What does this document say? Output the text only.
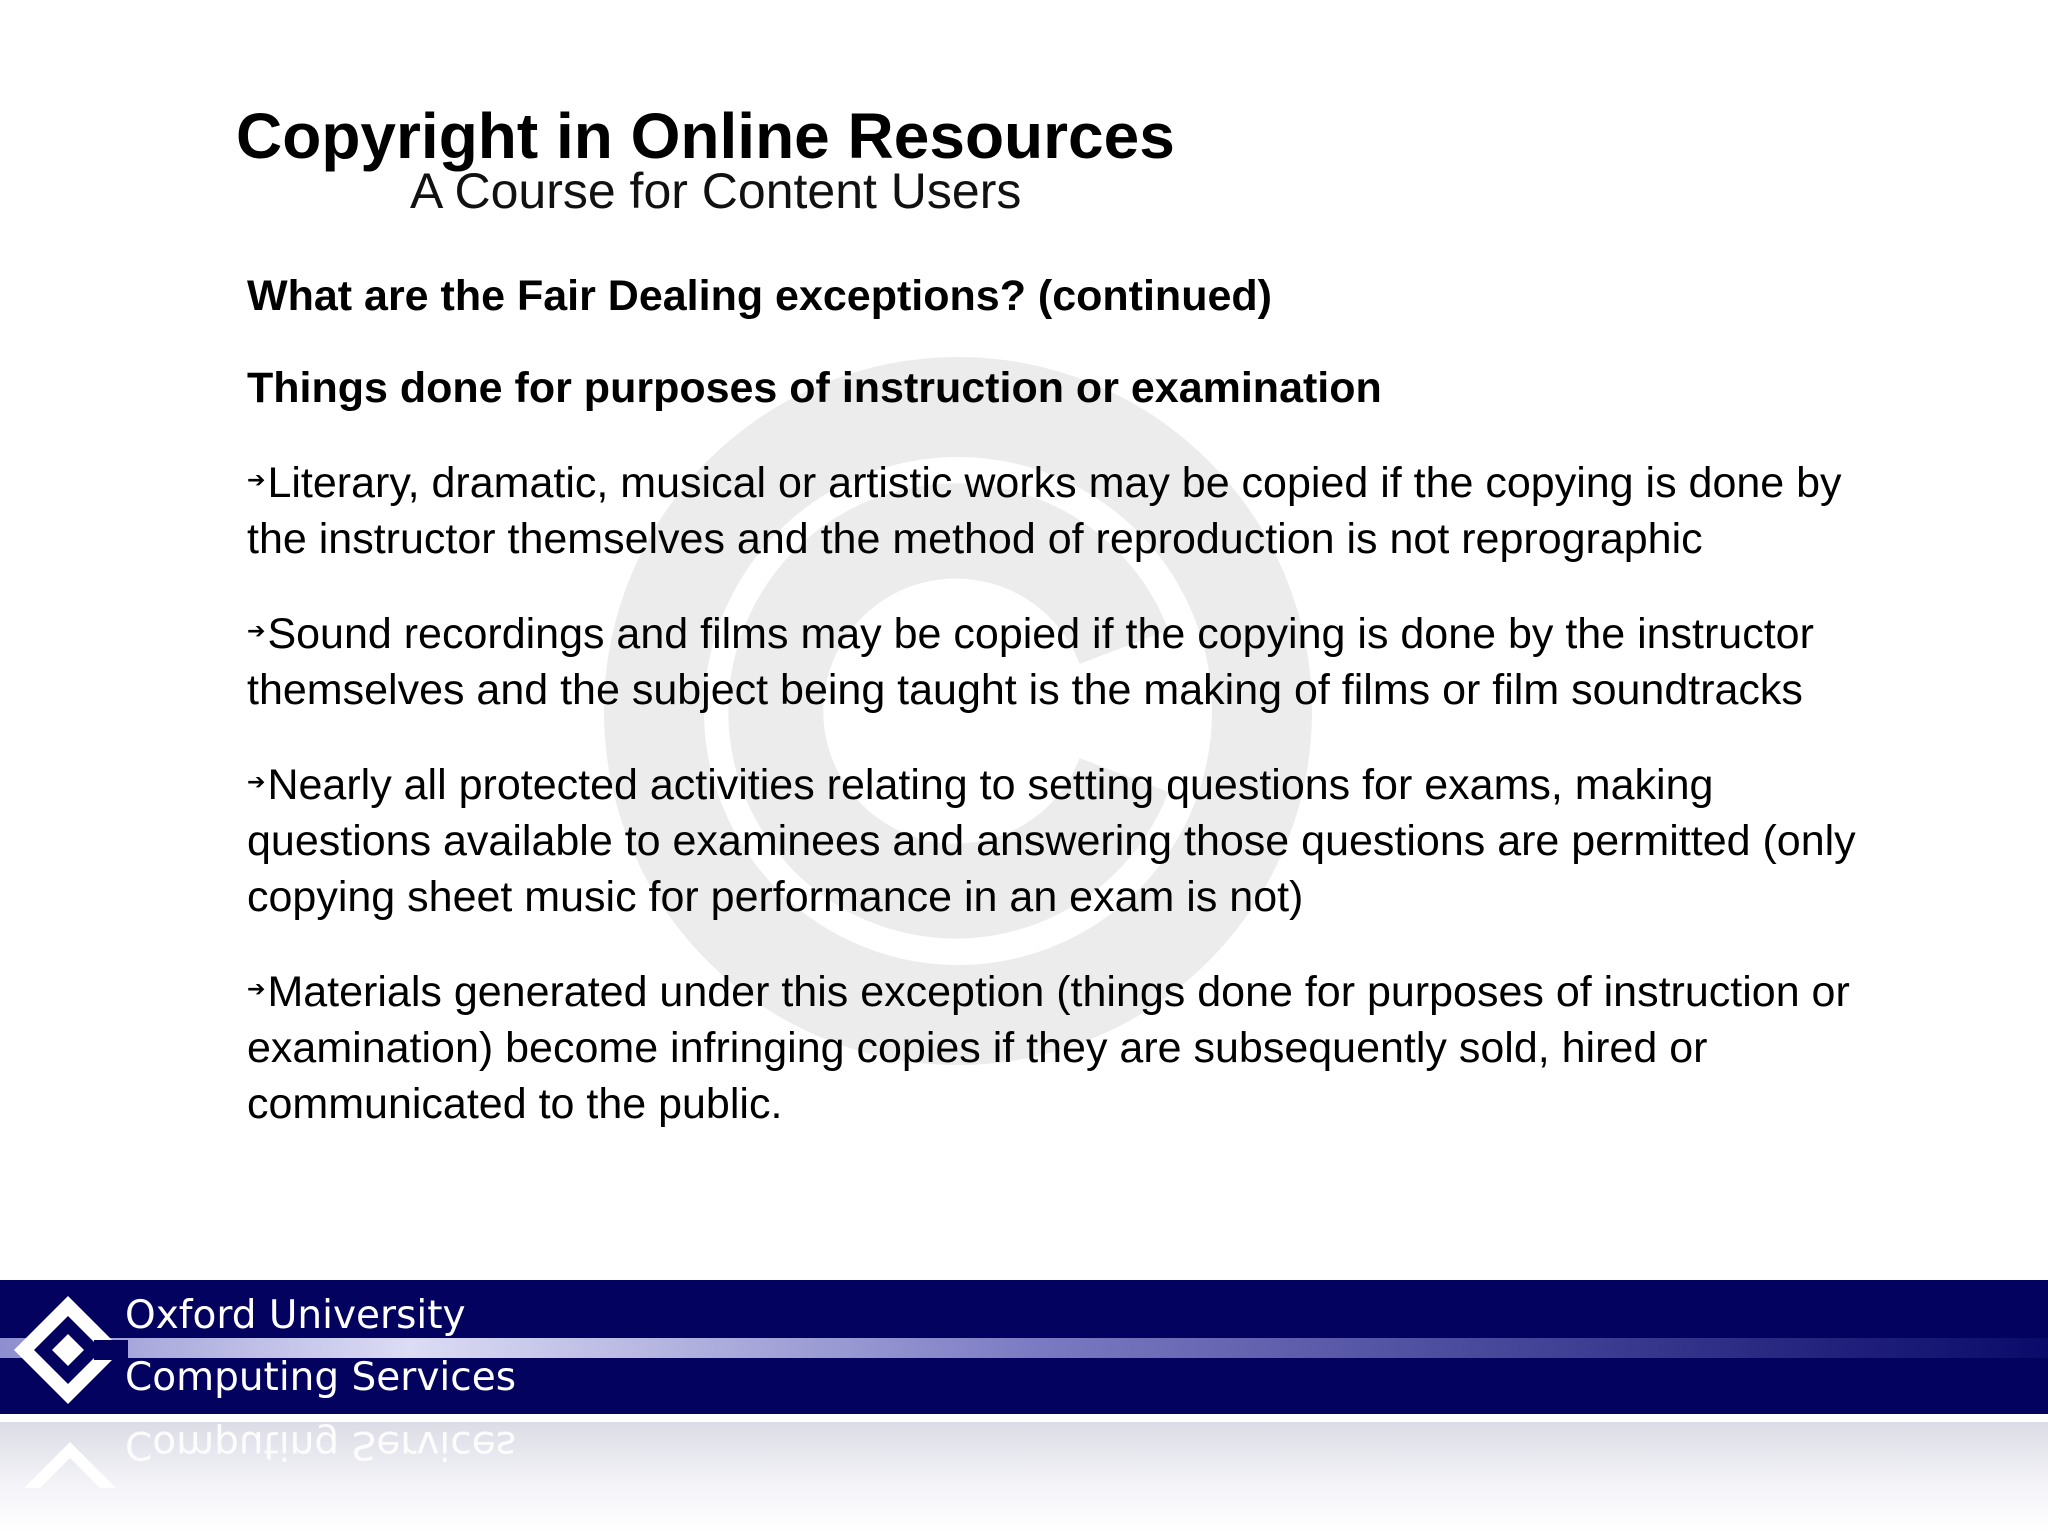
Copyright in Online Resources
A Course for Content Users

What are the Fair Dealing exceptions? (continued)

Things done for purposes of instruction or examination

➔Literary, dramatic, musical or artistic works may be copied if the copying is done by the instructor themselves and the method of reproduction is not reprographic

➔Sound recordings and films may be copied if the copying is done by the instructor themselves and the subject being taught is the making of films or film soundtracks

➔Nearly all protected activities relating to setting questions for exams, making questions available to examinees and answering those questions are permitted (only copying sheet music for performance in an exam is not)

➔Materials generated under this exception (things done for purposes of instruction or examination) become infringing copies if they are subsequently sold, hired or communicated to the public.

Oxford University
Computing Services
Computing Services
